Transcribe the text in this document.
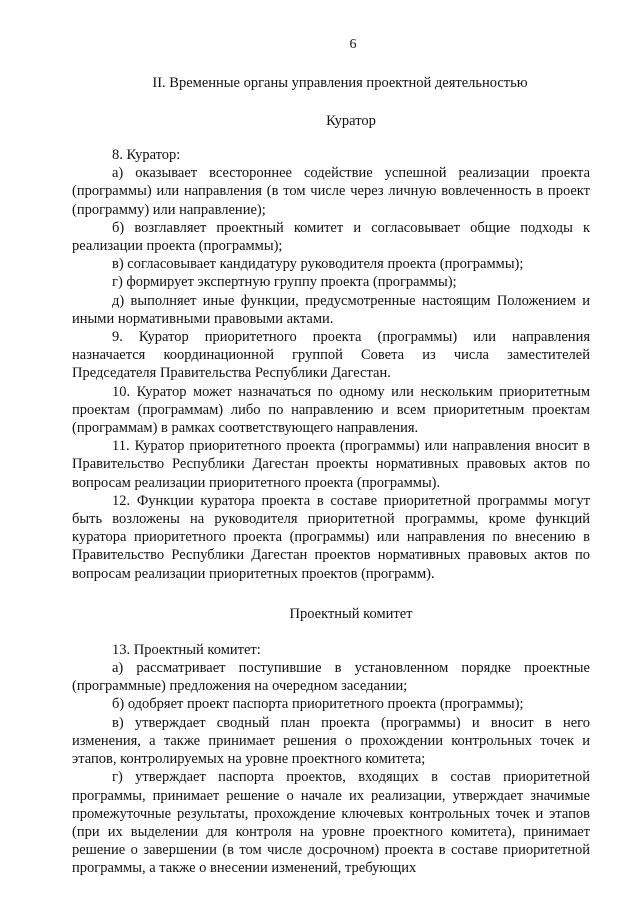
6
II. Временные органы управления проектной деятельностью
Куратор

8. Куратор:

а) оказывает всестороннее содействие успешной реализации проекта (программы) или направления (в том числе через личную вовлеченность в проект (программу) или направление);

б) возглавляет проектный комитет и согласовывает общие подходы к реализации проекта (программы);

в) согласовывает кандидатуру руководителя проекта (программы);

г) формирует экспертную группу проекта (программы);

д) выполняет иные функции, предусмотренные настоящим Положением и иными нормативными правовыми актами.

9. Куратор приоритетного проекта (программы) или направления назначается координационной группой Совета из числа заместителей Председателя Правительства Республики Дагестан.

10. Куратор может назначаться по одному или нескольким приоритетным проектам (программам) либо по направлению и всем приоритетным проектам (программам) в рамках соответствующего направления.

11. Куратор приоритетного проекта (программы) или направления вносит в Правительство Республики Дагестан проекты нормативных правовых актов по вопросам реализации приоритетного проекта (программы).

12. Функции куратора проекта в составе приоритетной программы могут быть возложены на руководителя приоритетной программы, кроме функций куратора приоритетного проекта (программы) или направления по внесению в Правительство Республики Дагестан проектов нормативных правовых актов по вопросам реализации приоритетных проектов (программ).

Проектный комитет

13. Проектный комитет:

а) рассматривает поступившие в установленном порядке проектные (программные) предложения на очередном заседании;

б) одобряет проект паспорта приоритетного проекта (программы);

в) утверждает сводный план проекта (программы) и вносит в него изменения, а также принимает решения о прохождении контрольных точек и этапов, контролируемых на уровне проектного комитета;

г) утверждает паспорта проектов, входящих в состав приоритетной программы, принимает решение о начале их реализации, утверждает значимые промежуточные результаты, прохождение ключевых контрольных точек и этапов (при их выделении для контроля на уровне проектного комитета), принимает решение о завершении (в том числе досрочном) проекта в составе приоритетной программы, а также о внесении изменений, требующих
